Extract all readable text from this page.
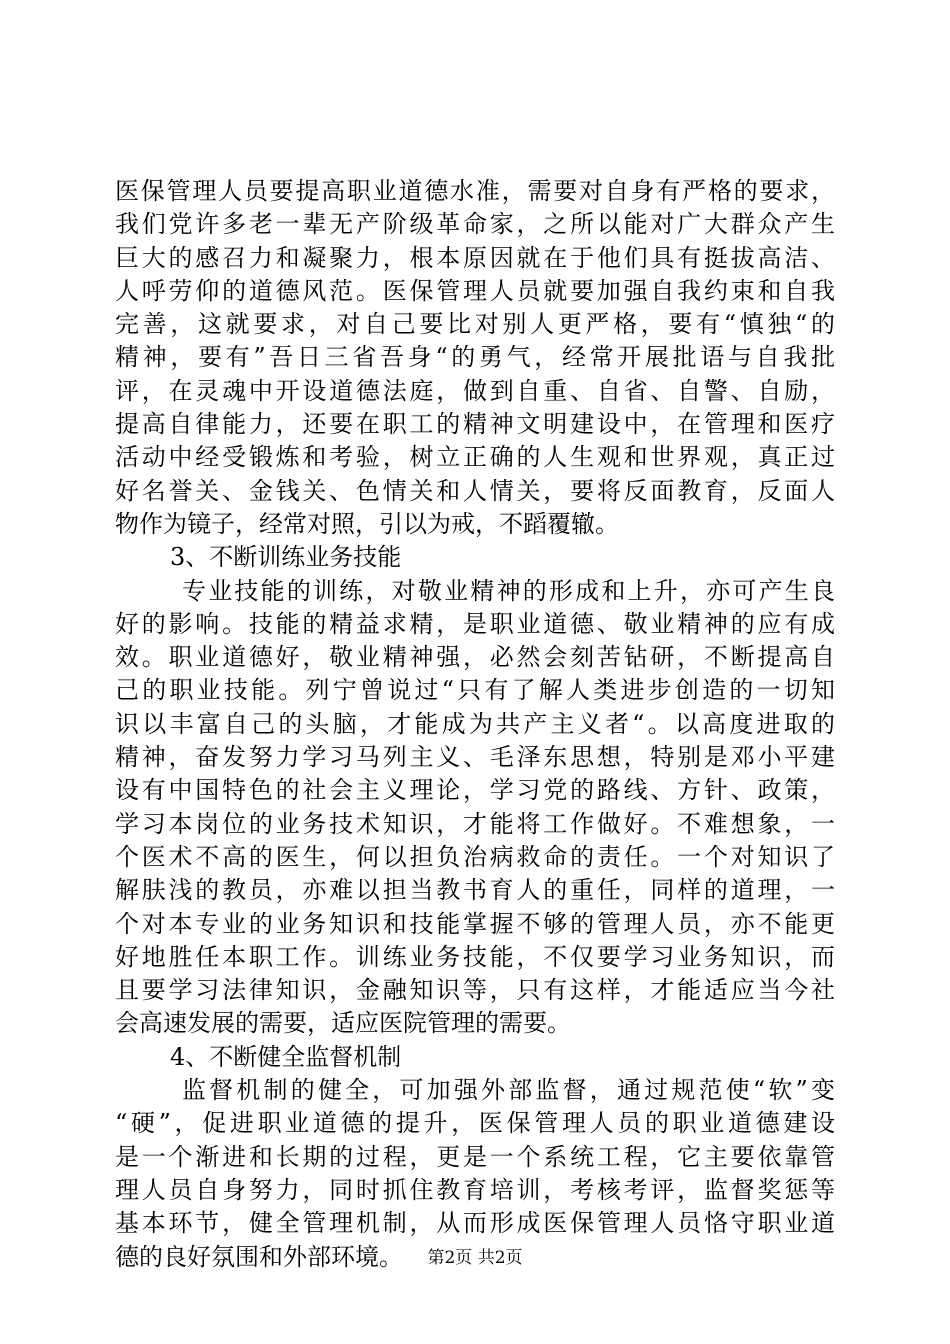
医保管理人员要提高职业道德水准，需要对自身有严格的要求，
我们党许多老一辈无产阶级革命家，之所以能对广大群众产生
巨大的感召力和凝聚力，根本原因就在于他们具有挺拔高洁、
人呼劳仰的道德风范。医保管理人员就要加强自我约束和自我
完善，这就要求，对自己要比对别人更严格，要有“慎独“的
精神，要有”吾日三省吾身“的勇气，经常开展批语与自我批
评，在灵魂中开设道德法庭，做到自重、自省、自警、自励，
提高自律能力，还要在职工的精神文明建设中，在管理和医疗
活动中经受锻炼和考验，树立正确的人生观和世界观，真正过
好名誉关、金钱关、色情关和人情关，要将反面教育，反面人
物作为镜子，经常对照，引以为戒，不蹈覆辙。
3、不断训练业务技能
专业技能的训练，对敬业精神的形成和上升，亦可产生良
好的影响。技能的精益求精，是职业道德、敬业精神的应有成
效。职业道德好，敬业精神强，必然会刻苦钻研，不断提高自
己的职业技能。列宁曾说过“只有了解人类进步创造的一切知
识以丰富自己的头脑，才能成为共产主义者“。以高度进取的
精神，奋发努力学习马列主义、毛泽东思想，特别是邓小平建
设有中国特色的社会主义理论，学习党的路线、方针、政策，
学习本岗位的业务技术知识，才能将工作做好。不难想象，一
个医术不高的医生，何以担负治病救命的责任。一个对知识了
解肤浅的教员，亦难以担当教书育人的重任，同样的道理，一
个对本专业的业务知识和技能掌握不够的管理人员，亦不能更
好地胜任本职工作。训练业务技能，不仅要学习业务知识，而
且要学习法律知识，金融知识等，只有这样，才能适应当今社
会高速发展的需要，适应医院管理的需要。
4、不断健全监督机制
监督机制的健全，可加强外部监督，通过规范使“软”变
“硬”，促进职业道德的提升，医保管理人员的职业道德建设
是一个渐进和长期的过程，更是一个系统工程，它主要依靠管
理人员自身努力，同时抓住教育培训，考核考评，监督奖惩等
基本环节，健全管理机制，从而形成医保管理人员恪守职业道
德的良好氛围和外部环境。	第2页 共2页
